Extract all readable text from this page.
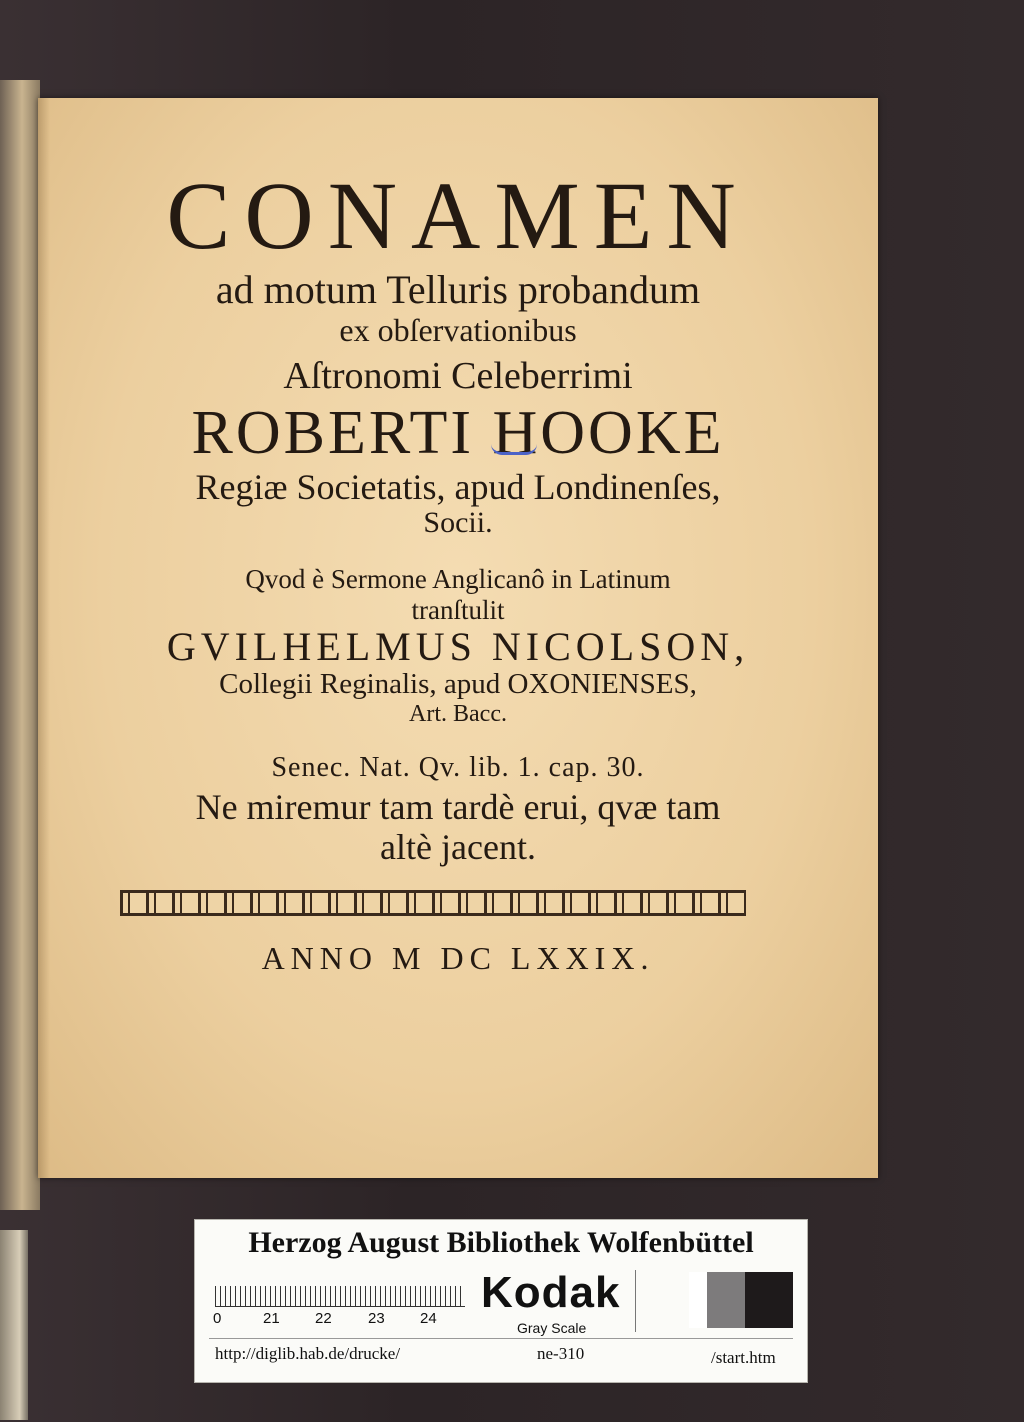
CONAMEN
ad motum Telluris probandum
ex obſervationibus
Aſtronomi Celeberrimi
ROBERTI HOOKE
Regiæ Societatis, apud Londinenſes,
Socii.
Qvod è Sermone Anglicanô in Latinum
tranſtulit
GVILHELMUS NICOLSON,
Collegii Reginalis, apud OXONIENSES,
Art. Bacc.
Senec. Nat. Qv. lib. 1. cap. 30.
Ne miremur tam tardè erui, qvæ tam
altè jacent.
ANNO M DC LXXIX.
Herzog August Bibliothek Wolfenbüttel
0	21 22 23 24
Kodak
Gray Scale
http://diglib.hab.de/drucke/	ne-310	/start.htm
